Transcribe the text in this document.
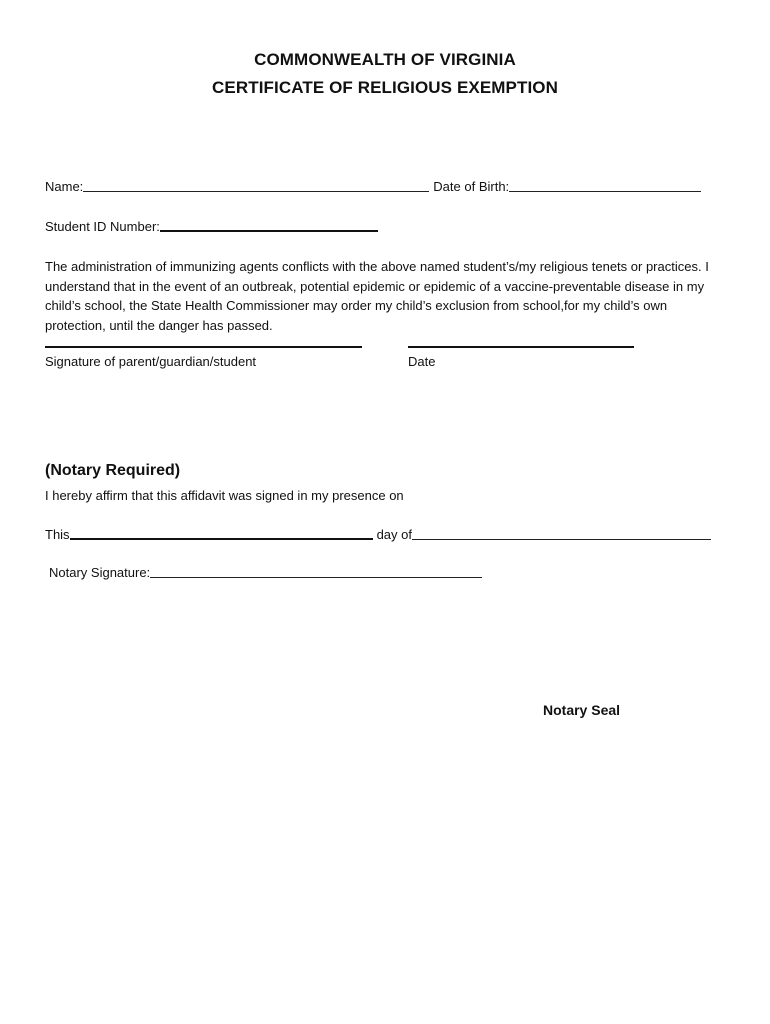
COMMONWEALTH OF VIRGINIA
CERTIFICATE OF RELIGIOUS EXEMPTION
Name:	Date of Birth:
Student ID Number:
The administration of immunizing agents conflicts with the above named student’s/my religious tenets or practices. I understand that in the event of an outbreak, potential epidemic or epidemic of a vaccine-preventable disease in my child’s school, the State Health Commissioner may order my child’s exclusion from school,for my child’s own protection, until the danger has passed.
Signature of parent/guardian/student	Date
(Notary Required)
I hereby affirm that this affidavit was signed in my presence on
This	day of
Notary Signature:
Notary Seal
